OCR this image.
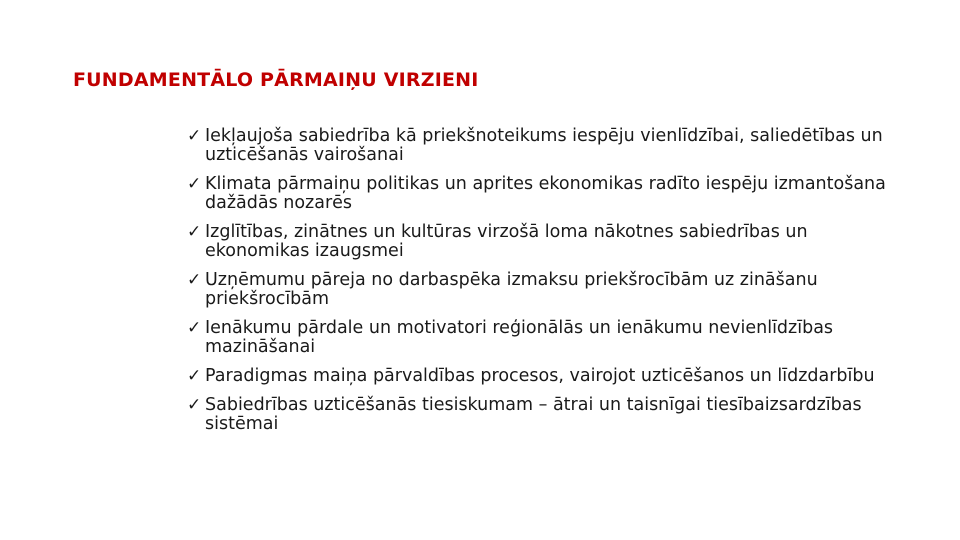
FUNDAMENTĀLO PĀRMAIŅU VIRZIENI
✓ Iekļaujoša sabiedrība kā priekšnoteikums iespēju vienlīdzībai, saliedētības un uzticēšanās vairošanai
✓ Klimata pārmaiņu politikas un aprites ekonomikas radīto iespēju izmantošana dažādās nozarēs
✓ Izglītības, zinātnes un kultūras virzošā loma nākotnes sabiedrības un ekonomikas izaugsmei
✓ Uzņēmumu pāreja no darbaspēka izmaksu priekšrocībām uz zināšanu priekšrocībām
✓ Ienākumu pārdale un motivatori reģionālās un ienākumu nevienlīdzības mazināšanai
✓ Paradigmas maiņa pārvaldības procesos, vairojot uzticēšanos un līdzdarbību
✓ Sabiedrības uzticēšanās tiesiskumam – ātrai un taisnīgai tiesībaizsardzības sistēmai
